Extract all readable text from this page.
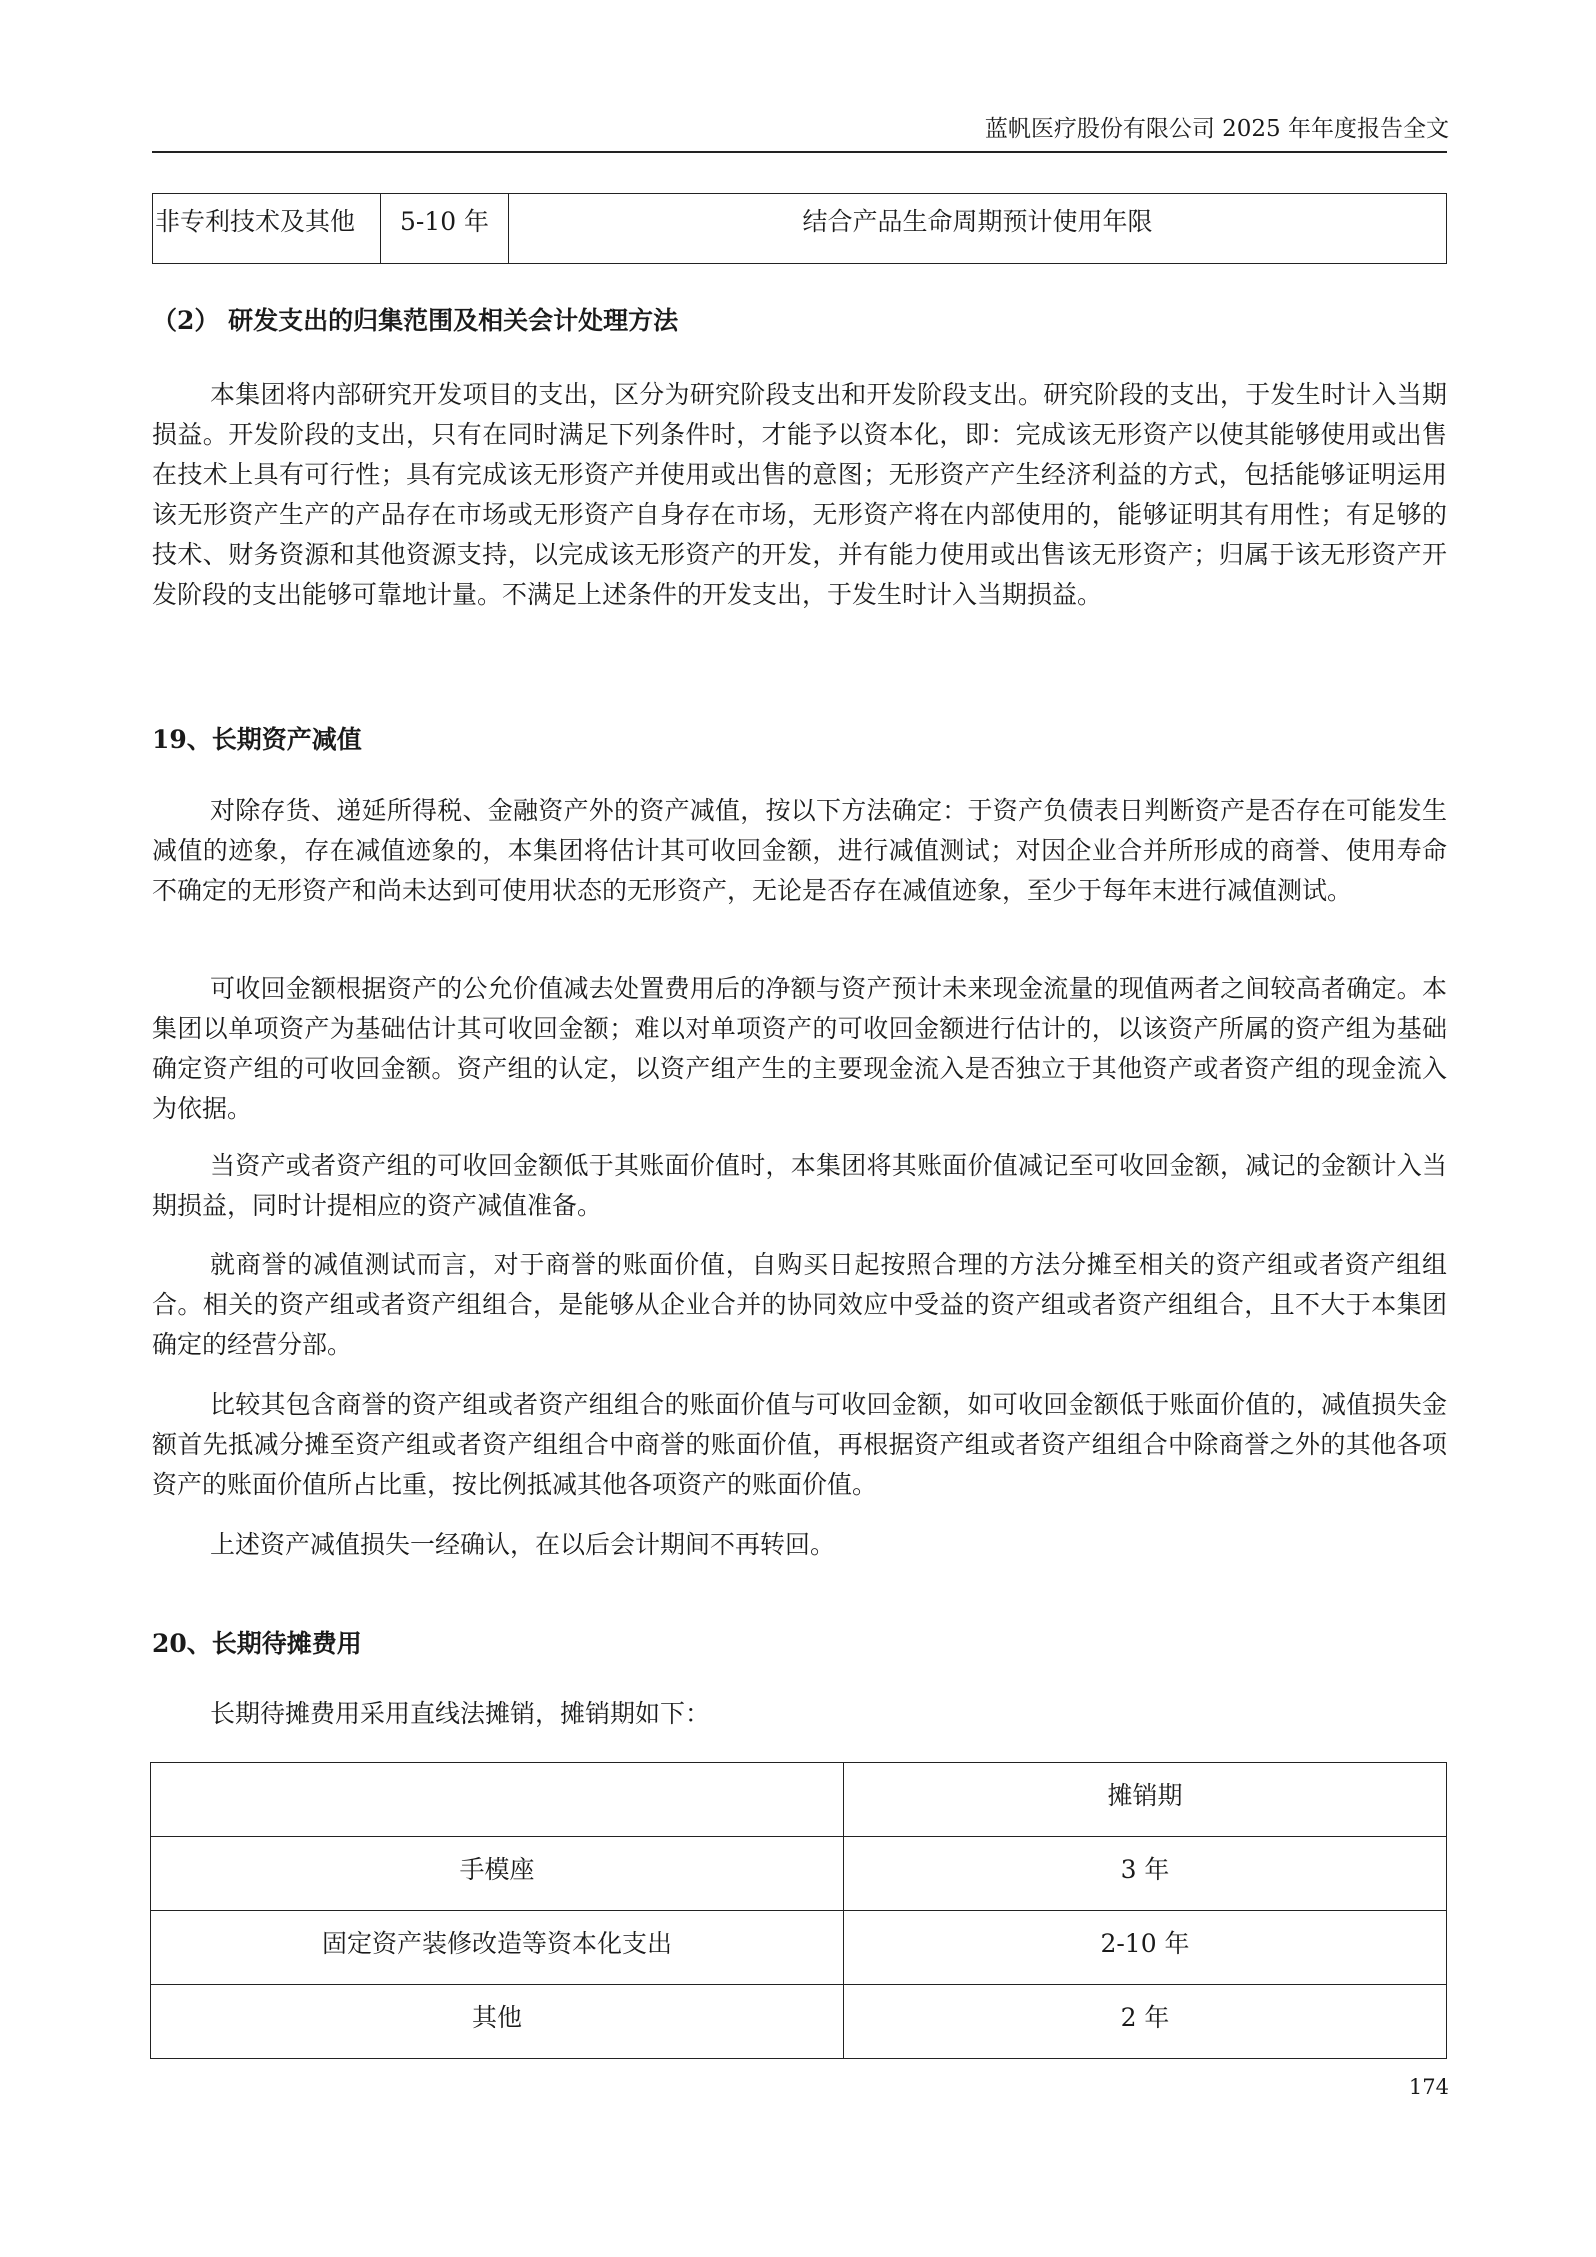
蓝帆医疗股份有限公司 2025 年年度报告全文
非专利技术及其他	5-10 年	结合产品生命周期预计使用年限
（2） 研发支出的归集范围及相关会计处理方法

本集团将内部研究开发项目的支出，区分为研究阶段支出和开发阶段支出。研究阶段的支出，于发生时计入当期损益。开发阶段的支出，只有在同时满足下列条件时，才能予以资本化，即：完成该无形资产以使其能够使用或出售在技术上具有可行性；具有完成该无形资产并使用或出售的意图；无形资产产生经济利益的方式，包括能够证明运用该无形资产生产的产品存在市场或无形资产自身存在市场，无形资产将在内部使用的，能够证明其有用性；有足够的技术、财务资源和其他资源支持，以完成该无形资产的开发，并有能力使用或出售该无形资产；归属于该无形资产开发阶段的支出能够可靠地计量。不满足上述条件的开发支出，于发生时计入当期损益。

19、长期资产减值

对除存货、递延所得税、金融资产外的资产减值，按以下方法确定：于资产负债表日判断资产是否存在可能发生减值的迹象，存在减值迹象的，本集团将估计其可收回金额，进行减值测试；对因企业合并所形成的商誉、使用寿命不确定的无形资产和尚未达到可使用状态的无形资产，无论是否存在减值迹象，至少于每年末进行减值测试。

可收回金额根据资产的公允价值减去处置费用后的净额与资产预计未来现金流量的现值两者之间较高者确定。本集团以单项资产为基础估计其可收回金额；难以对单项资产的可收回金额进行估计的，以该资产所属的资产组为基础确定资产组的可收回金额。资产组的认定，以资产组产生的主要现金流入是否独立于其他资产或者资产组的现金流入为依据。

当资产或者资产组的可收回金额低于其账面价值时，本集团将其账面价值减记至可收回金额，减记的金额计入当期损益，同时计提相应的资产减值准备。

就商誉的减值测试而言，对于商誉的账面价值，自购买日起按照合理的方法分摊至相关的资产组或者资产组组合。相关的资产组或者资产组组合，是能够从企业合并的协同效应中受益的资产组或者资产组组合，且不大于本集团确定的经营分部。

比较其包含商誉的资产组或者资产组组合的账面价值与可收回金额，如可收回金额低于账面价值的，减值损失金额首先抵减分摊至资产组或者资产组组合中商誉的账面价值，再根据资产组或者资产组组合中除商誉之外的其他各项资产的账面价值所占比重，按比例抵减其他各项资产的账面价值。

上述资产减值损失一经确认，在以后会计期间不再转回。

20、长期待摊费用

长期待摊费用采用直线法摊销，摊销期如下：

	摊销期
手模座	3 年
固定资产装修改造等资本化支出	2-10 年
其他	2 年
174
